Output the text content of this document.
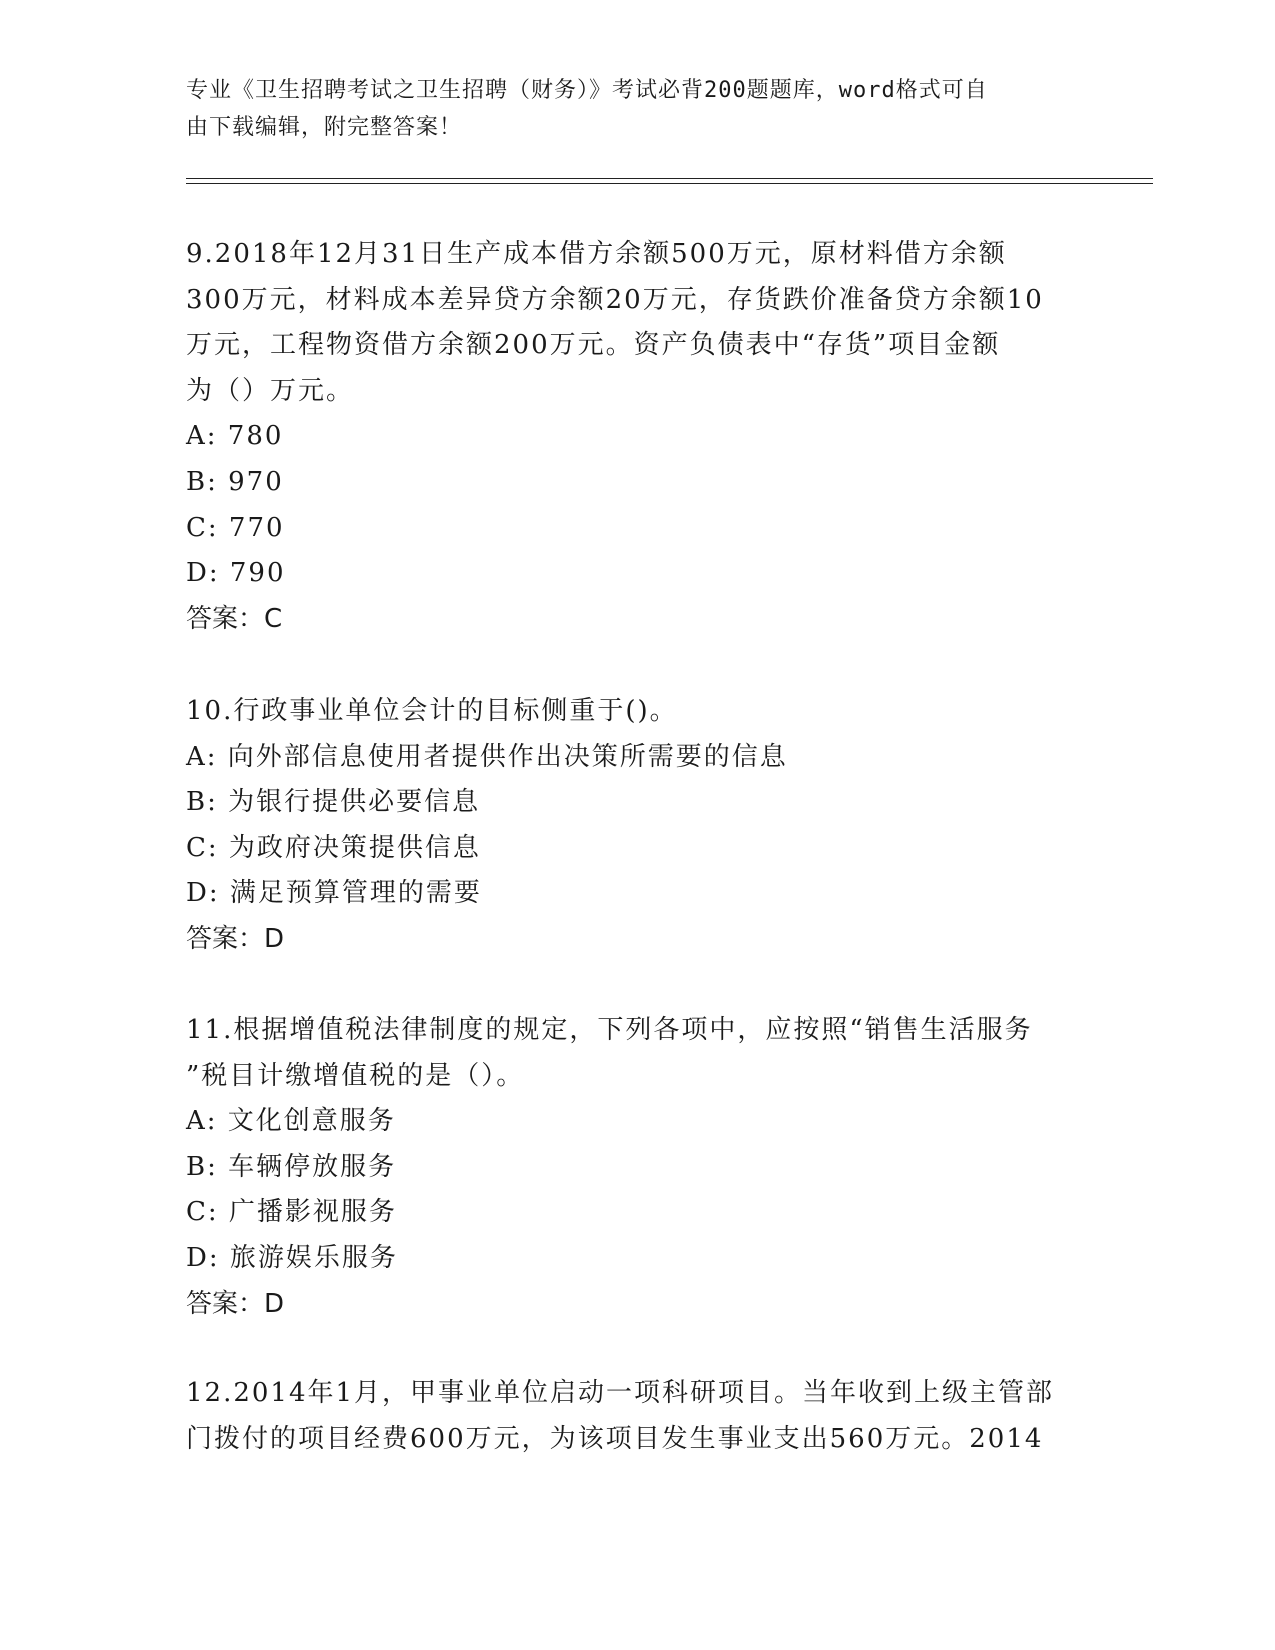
专业《卫生招聘考试之卫生招聘（财务）》考试必背200题题库，word格式可自
由下载编辑，附完整答案！

9.2018年12月31日生产成本借方余额500万元，原材料借方余额

300万元，材料成本差异贷方余额20万元，存货跌价准备贷方余额10

万元，工程物资借方余额200万元。资产负债表中“存货”项目金额

为（）万元。

A: 780

B: 970

C: 770

D: 790

答案：C

10.行政事业单位会计的目标侧重于()。

A: 向外部信息使用者提供作出决策所需要的信息

B: 为银行提供必要信息

C: 为政府决策提供信息

D: 满足预算管理的需要

答案：D

11.根据增值税法律制度的规定，下列各项中，应按照“销售生活服务

”税目计缴增值税的是（）。

A: 文化创意服务

B: 车辆停放服务

C: 广播影视服务

D: 旅游娱乐服务

答案：D

12.2014年1月，甲事业单位启动一项科研项目。当年收到上级主管部

门拨付的项目经费600万元，为该项目发生事业支出560万元。2014
